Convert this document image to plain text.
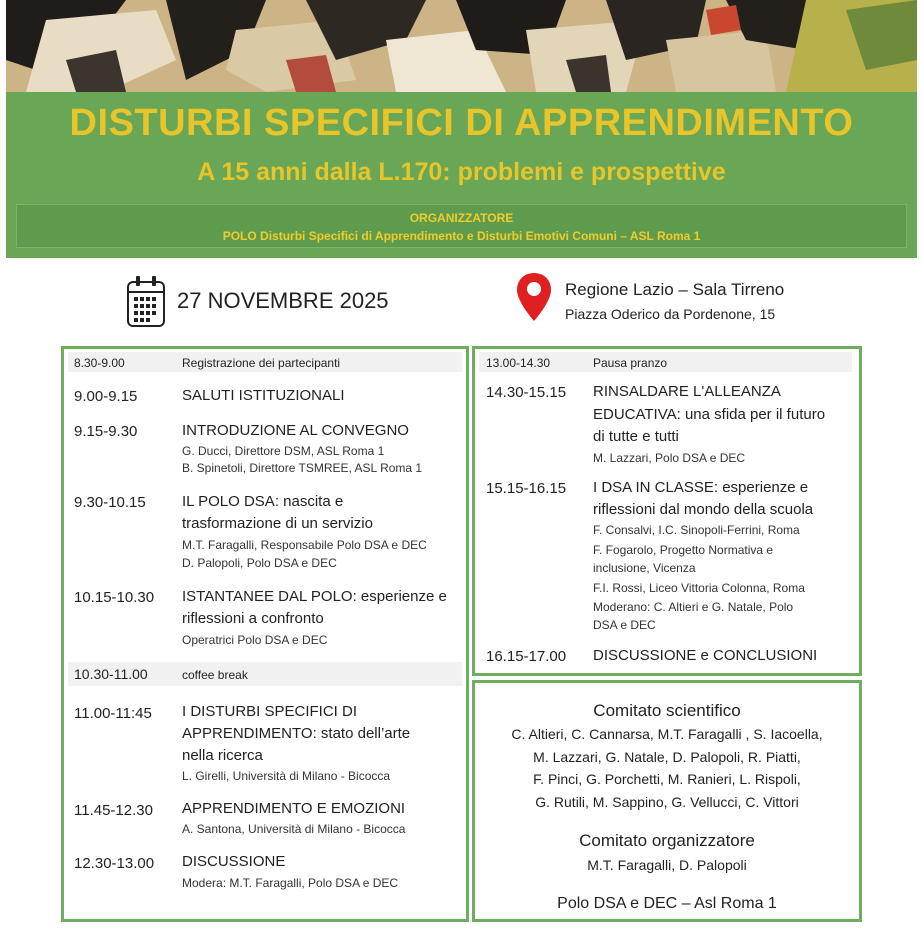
DISTURBI SPECIFICI DI APPRENDIMENTO
A 15 anni dalla L.170: problemi e prospettive
ORGANIZZATORE
POLO Disturbi Specifici di Apprendimento e Disturbi Emotivi Comuni – ASL Roma 1
27 NOVEMBRE 2025	Regione Lazio – Sala Tirreno
Piazza Oderico da Pordenone, 15
8.30-9.00	Registrazione dei partecipanti
9.00-9.15	SALUTI ISTITUZIONALI
9.15-9.30	INTRODUZIONE AL CONVEGNO
G. Ducci, Direttore DSM, ASL Roma 1
B. Spinetoli, Direttore TSMREE, ASL Roma 1
9.30-10.15 IL POLO DSA: nascita e
trasformazione di un servizio
M.T. Faragalli, Responsabile Polo DSA e DEC
D. Palopoli, Polo DSA e DEC
10.15-10.30 ISTANTANEE DAL POLO: esperienze e
riflessioni a confronto
Operatrici Polo DSA e DEC
10.30-11.00	coffee break
11.00-11:45 I DISTURBI SPECIFICI DI
APPRENDIMENTO: stato dell’arte
nella ricerca
L. Girelli, Università di Milano - Bicocca
11.45-12.30 APPRENDIMENTO E EMOZIONI
A. Santona, Università di Milano - Bicocca
12.30-13.00 DISCUSSIONE
Modera: M.T. Faragalli, Polo DSA e DEC
13.00-14.30	Pausa pranzo
14.30-15.15 RINSALDARE L'ALLEANZA
EDUCATIVA: una sfida per il futuro
di tutte e tutti
M. Lazzari, Polo DSA e DEC
15.15-16.15 I DSA IN CLASSE: esperienze e
riflessioni dal mondo della scuola
F. Consalvi, I.C. Sinopoli-Ferrini, Roma
F. Fogarolo, Progetto Normativa e
inclusione, Vicenza
F.I. Rossi, Liceo Vittoria Colonna, Roma
Moderano: C. Altieri e G. Natale, Polo
DSA e DEC
16.15-17.00 DISCUSSIONE e CONCLUSIONI
Comitato scientifico
C. Altieri, C. Cannarsa, M.T. Faragalli , S. Iacoella,
M. Lazzari, G. Natale, D. Palopoli, R. Piatti,
F. Pinci, G. Porchetti, M. Ranieri, L. Rispoli,
G. Rutili, M. Sappino, G. Vellucci, C. Vittori
Comitato organizzatore
M.T. Faragalli, D. Palopoli
Polo DSA e DEC – Asl Roma 1
